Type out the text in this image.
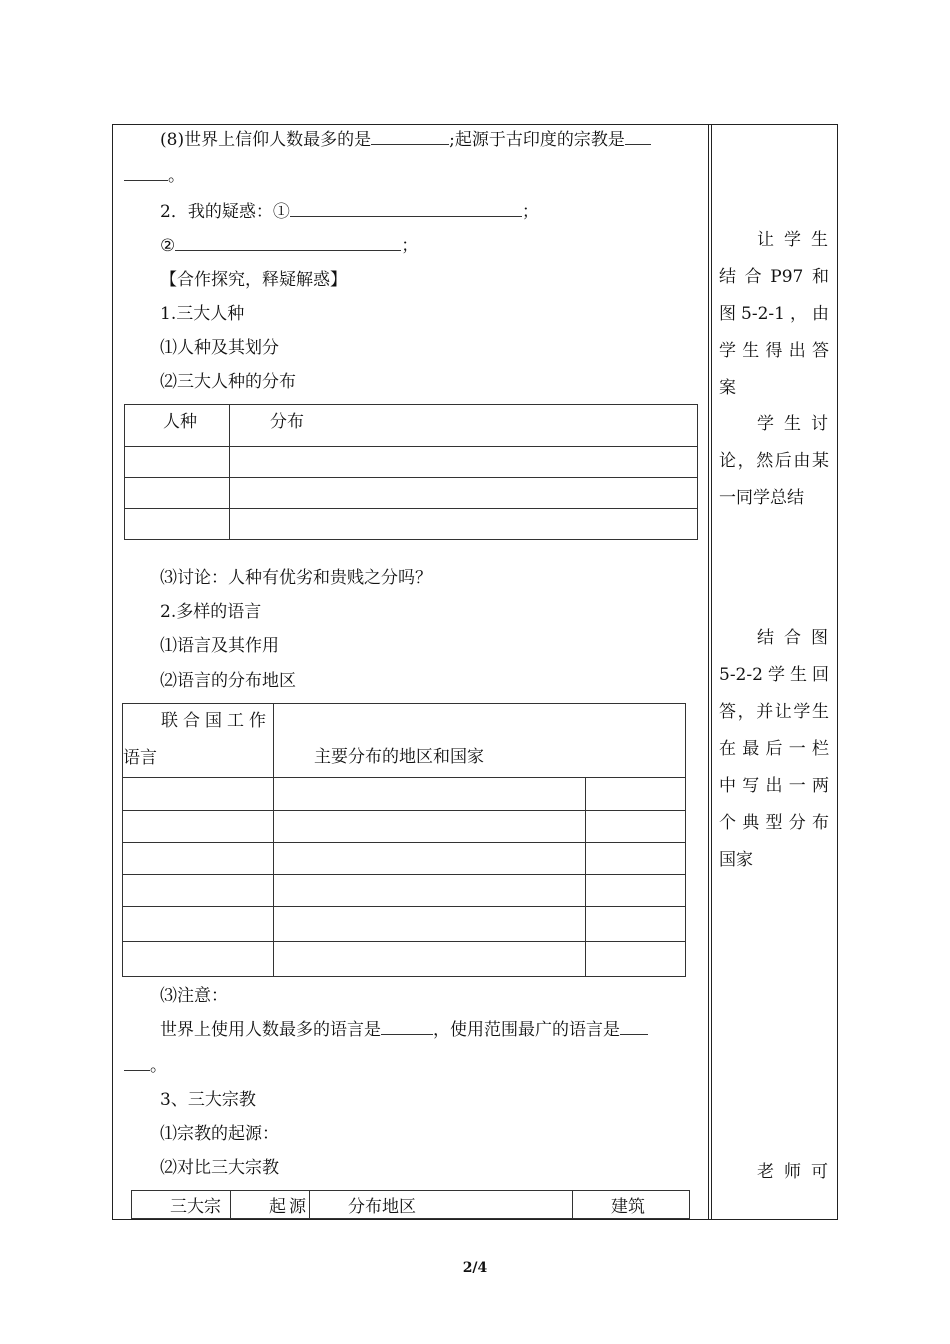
(8)世界上信仰人数最多的是	;起源于古印度的宗教是
。
2．我的疑惑：①	；
②	；
【合作探究，释疑解惑】
1.三大人种
⑴人种及其划分
⑵三大人种的分布
人种	分布

⑶讨论：人种有优劣和贵贱之分吗？
2.多样的语言
⑴语言及其作用
⑵语言的分布地区
联合国工作
语言	主要分布的地区和国家	

⑶注意：
世界上使用人数最多的语言是	，使用范围最广的语言是
。
3、三大宗教
⑴宗教的起源：
⑵对比三大宗教
三大宗	起源	分布地区	建筑
让学生
结合P97和
图5-2-1，由
学生得出答
案
学生讨
论，然后由某
一同学总结
结合图
5-2-2学生回
答，并让学生
在最后一栏
中写出一两
个典型分布
国家
老师可
2/4
